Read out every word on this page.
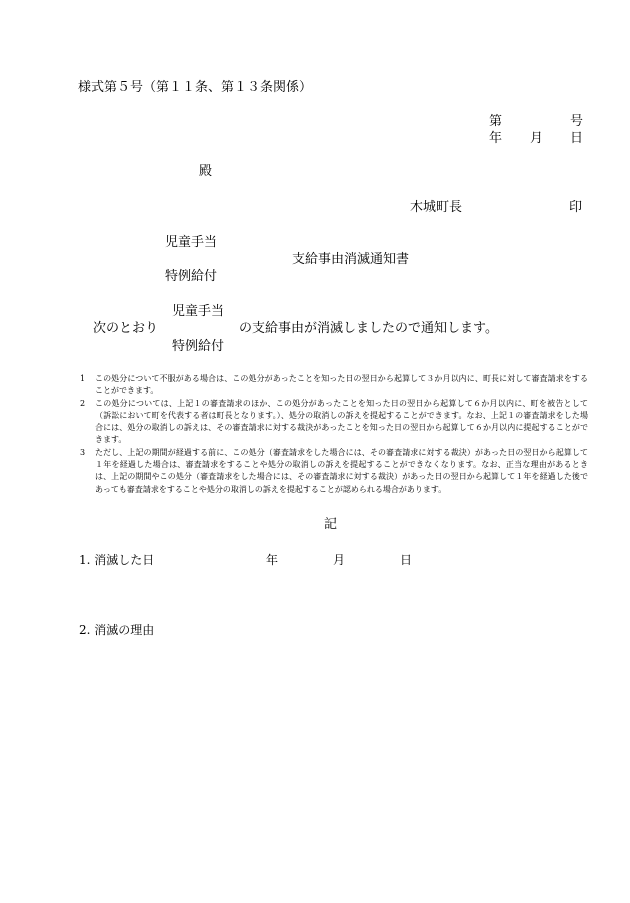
様式第５号（第１１条、第１３条関係）
第	号
年 月 日
殿
木城町長	印
児童手当
支給事由消滅通知書
特例給付
児童手当
次のとおり	の支給事由が消滅しましたので通知します。
特例給付

1 この処分について不服がある場合は、この処分があったことを知った日の翌日から起算して３か月以内に、町長に対して審査請求をすることができます。

2 この処分については、上記１の審査請求のほか、この処分があったことを知った日の翌日から起算して６か月以内に、町を被告として（訴訟において町を代表する者は町長となります。）、処分の取消しの訴えを提起することができます。なお、上記１の審査請求をした場合には、処分の取消しの訴えは、その審査請求に対する裁決があったことを知った日の翌日から起算して６か月以内に提起することができます。

3 ただし、上記の期間が経過する前に、この処分（審査請求をした場合には、その審査請求に対する裁決）があった日の翌日から起算して１年を経過した場合は、審査請求をすることや処分の取消しの訴えを提起することができなくなります。なお、正当な理由があるときは、上記の期間やこの処分（審査請求をした場合には、その審査請求に対する裁決）があった日の翌日から起算して１年を経過した後であっても審査請求をすることや処分の取消しの訴えを提起することが認められる場合があります。

記
1. 消滅した日	年	月	日
2. 消滅の理由
